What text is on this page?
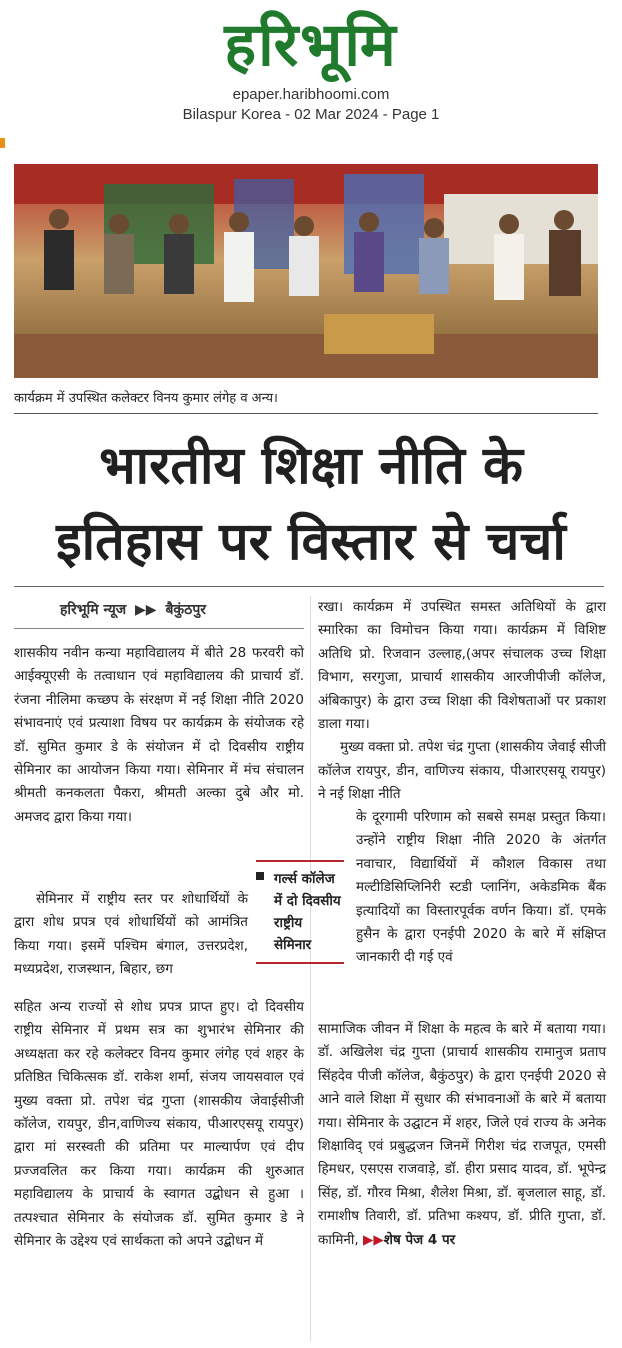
हरिभूमि
epaper.haribhoomi.com
Bilaspur Korea - 02 Mar 2024 - Page 1
कार्यक्रम में उपस्थित कलेक्टर विनय कुमार लंगेह व अन्य।
भारतीय शिक्षा नीति के
इतिहास पर विस्तार से चर्चा
हरिभूमि न्यूज ▶▶ बैकुंठपुर
शासकीय नवीन कन्या महाविद्यालय में बीते 28 फरवरी को आईक्यूएसी के तत्वाधान एवं महाविद्यालय की प्राचार्य डॉ. रंजना नीलिमा कच्छप के संरक्षण में नई शिक्षा नीति 2020 संभावनाएं एवं प्रत्याशा विषय पर कार्यक्रम के संयोजक रहे डॉ. सुमित कुमार डे के संयोजन में दो दिवसीय राष्ट्रीय सेमिनार का आयोजन किया गया। सेमिनार में मंच संचालन श्रीमती कनकलता पैकरा, श्रीमती अल्का दुबे और मो. अमजद द्वारा किया गया।
सेमिनार में राष्ट्रीय स्तर पर शोधार्थियों के द्वारा शोध प्रपत्र एवं शोधार्थियों को आमंत्रित किया गया। इसमें पश्चिम बंगाल, उत्तरप्रदेश, मध्यप्रदेश, राजस्थान, बिहार, छग
सहित अन्य राज्यों से शोध प्रपत्र प्राप्त हुए। दो दिवसीय राष्ट्रीय सेमिनार में प्रथम सत्र का शुभारंभ सेमिनार की अध्यक्षता कर रहे कलेक्टर विनय कुमार लंगेह एवं शहर के प्रतिष्ठित चिकित्सक डॉ. राकेश शर्मा, संजय जायसवाल एवं मुख्य वक्ता प्रो. तपेश चंद्र गुप्ता (शासकीय जेवाईसीजी कॉलेज, रायपुर, डीन,वाणिज्य संकाय, पीआरएसयू रायपुर) द्वारा मां सरस्वती की प्रतिमा पर माल्यार्पण एवं दीप प्रज्जवलित कर किया गया। कार्यक्रम की शुरुआत महाविद्यालय के प्राचार्य के स्वागत उद्बोधन से हुआ । तत्पश्चात सेमिनार के संयोजक डॉ. सुमित कुमार डे ने सेमिनार के उद्देश्य एवं सार्थकता को अपने उद्बोधन में
रखा। कार्यक्रम में उपस्थित समस्त अतिथियों के द्वारा स्मारिका का विमोचन किया गया। कार्यक्रम में विशिष्ट अतिथि प्रो. रिजवान उल्लाह,(अपर संचालक उच्च शिक्षा विभाग, सरगुजा, प्राचार्य शासकीय आरजीपीजी कॉलेज, अंबिकापुर) के द्वारा उच्च शिक्षा की विशेषताओं पर प्रकाश डाला गया।
मुख्य वक्ता प्रो. तपेश चंद्र गुप्ता (शासकीय जेवाई सीजी कॉलेज रायपुर, डीन, वाणिज्य संकाय, पीआरएसयू रायपुर) ने नई शिक्षा नीति
के दूरगामी परिणाम को सबसे समक्ष प्रस्तुत किया। उन्होंने राष्ट्रीय शिक्षा नीति 2020 के अंतर्गत नवाचार, विद्यार्थियों में कौशल विकास तथा मल्टीडिसिप्लिनिरी स्टडी प्लानिंग, अकेडमिक बैंक इत्यादियों का विस्तारपूर्वक वर्णन किया। डॉ. एमके हुसैन के द्वारा एनईपी 2020 के बारे में संक्षिप्त जानकारी दी गई एवं
सामाजिक जीवन में शिक्षा के महत्व के बारे में बताया गया। डॉ. अखिलेश चंद्र गुप्ता (प्राचार्य शासकीय रामानुज प्रताप सिंहदेव पीजी कॉलेज, बैकुंठपुर) के द्वारा एनईपी 2020 से आने वाले शिक्षा में सुधार की संभावनाओं के बारे में बताया गया। सेमिनार के उद्घाटन में शहर, जिले एवं राज्य के अनेक शिक्षाविद् एवं प्रबुद्धजन जिनमें गिरीश चंद्र राजपूत, एमसी हिमधर, एसएस राजवाड़े, डॉ. हीरा प्रसाद यादव, डॉ. भूपेन्द्र सिंह, डॉ. गौरव मिश्रा, शैलेश मिश्रा, डॉ. बृजलाल साहू, डॉ. रामाशीष तिवारी, डॉ. प्रतिभा कश्यप, डॉ. प्रीति गुप्ता, डॉ. कामिनी, ▶▶शेष पेज 4 पर
गर्ल्स कॉलेज में दो दिवसीय राष्ट्रीय सेमिनार
